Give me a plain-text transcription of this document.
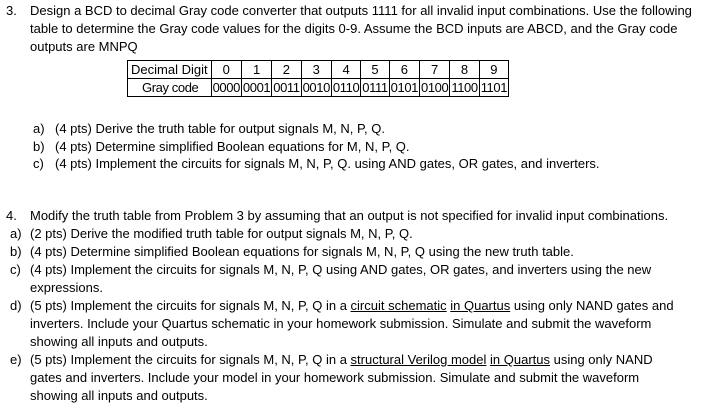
3. Design a BCD to decimal Gray code converter that outputs 1111 for all invalid input combinations. Use the following
table to determine the Gray code values for the digits 0-9. Assume the BCD inputs are ABCD, and the Gray code
outputs are MNPQ
Decimal Digit	0	1	2	3	4	5	6	7	8	9
Gray code	0000	0001	0011	0010	0110	0111	0101	0100	1100	1101
a) (4 pts) Derive the truth table for output signals M, N, P, Q.
b) (4 pts) Determine simplified Boolean equations for M, N, P, Q.
c) (4 pts) Implement the circuits for signals M, N, P, Q. using AND gates, OR gates, and inverters.
4. Modify the truth table from Problem 3 by assuming that an output is not specified for invalid input combinations.
a) (2 pts) Derive the modified truth table for output signals M, N, P, Q.
b) (4 pts) Determine simplified Boolean equations for signals M, N, P, Q using the new truth table.
c) (4 pts) Implement the circuits for signals M, N, P, Q using AND gates, OR gates, and inverters using the new
expressions.
d) (5 pts) Implement the circuits for signals M, N, P, Q in a circuit schematic in Quartus using only NAND gates and
inverters. Include your Quartus schematic in your homework submission. Simulate and submit the waveform
showing all inputs and outputs.
e) (5 pts) Implement the circuits for signals M, N, P, Q in a structural Verilog model in Quartus using only NAND
gates and inverters. Include your model in your homework submission. Simulate and submit the waveform
showing all inputs and outputs.
